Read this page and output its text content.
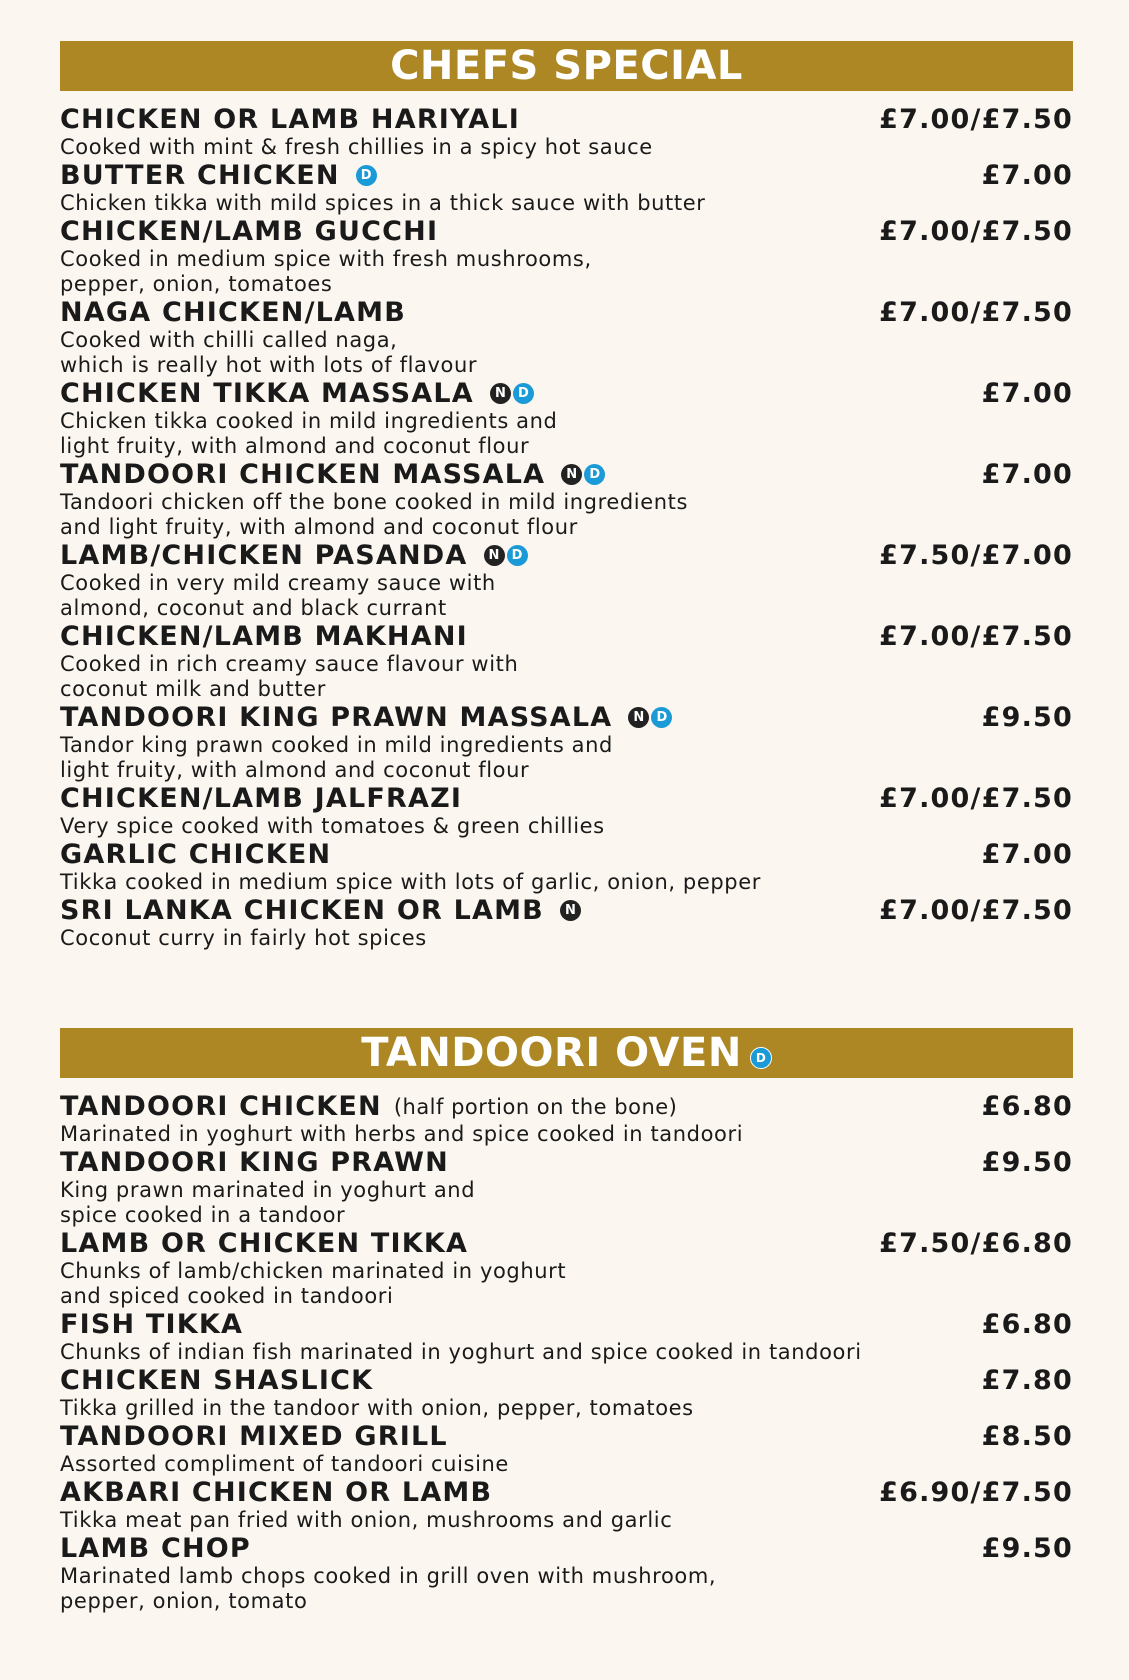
CHEFS SPECIAL
CHICKEN OR LAMB HARIYALI	£7.00/£7.50
Cooked with mint & fresh chillies in a spicy hot sauce
BUTTER CHICKEN	D	£7.00
Chicken tikka with mild spices in a thick sauce with butter
CHICKEN/LAMB GUCCHI	£7.00/£7.50
Cooked in medium spice with fresh mushrooms,
pepper, onion, tomatoes
NAGA CHICKEN/LAMB	£7.00/£7.50
Cooked with chilli called naga,
which is really hot with lots of flavour
CHICKEN TIKKA MASSALA	N D	£7.00
Chicken tikka cooked in mild ingredients and
light fruity, with almond and coconut flour
TANDOORI CHICKEN MASSALA	N D	£7.00
Tandoori chicken off the bone cooked in mild ingredients
and light fruity, with almond and coconut flour
LAMB/CHICKEN PASANDA	N D	£7.50/£7.00
Cooked in very mild creamy sauce with
almond, coconut and black currant
CHICKEN/LAMB MAKHANI	£7.00/£7.50
Cooked in rich creamy sauce flavour with
coconut milk and butter
TANDOORI KING PRAWN MASSALA	N D	£9.50
Tandor king prawn cooked in mild ingredients and
light fruity, with almond and coconut flour
CHICKEN/LAMB JALFRAZI	£7.00/£7.50
Very spice cooked with tomatoes & green chillies
GARLIC CHICKEN	£7.00
Tikka cooked in medium spice with lots of garlic, onion, pepper
SRI LANKA CHICKEN OR LAMB	N	£7.00/£7.50
Coconut curry in fairly hot spices
TANDOORI OVEN	D
TANDOORI CHICKEN (half portion on the bone)	£6.80
Marinated in yoghurt with herbs and spice cooked in tandoori
TANDOORI KING PRAWN	£9.50
King prawn marinated in yoghurt and
spice cooked in a tandoor
LAMB OR CHICKEN TIKKA	£7.50/£6.80
Chunks of lamb/chicken marinated in yoghurt
and spiced cooked in tandoori
FISH TIKKA	£6.80
Chunks of indian fish marinated in yoghurt and spice cooked in tandoori
CHICKEN SHASLICK	£7.80
Tikka grilled in the tandoor with onion, pepper, tomatoes
TANDOORI MIXED GRILL	£8.50
Assorted compliment of tandoori cuisine
AKBARI CHICKEN OR LAMB	£6.90/£7.50
Tikka meat pan fried with onion, mushrooms and garlic
LAMB CHOP	£9.50
Marinated lamb chops cooked in grill oven with mushroom,
pepper, onion, tomato
